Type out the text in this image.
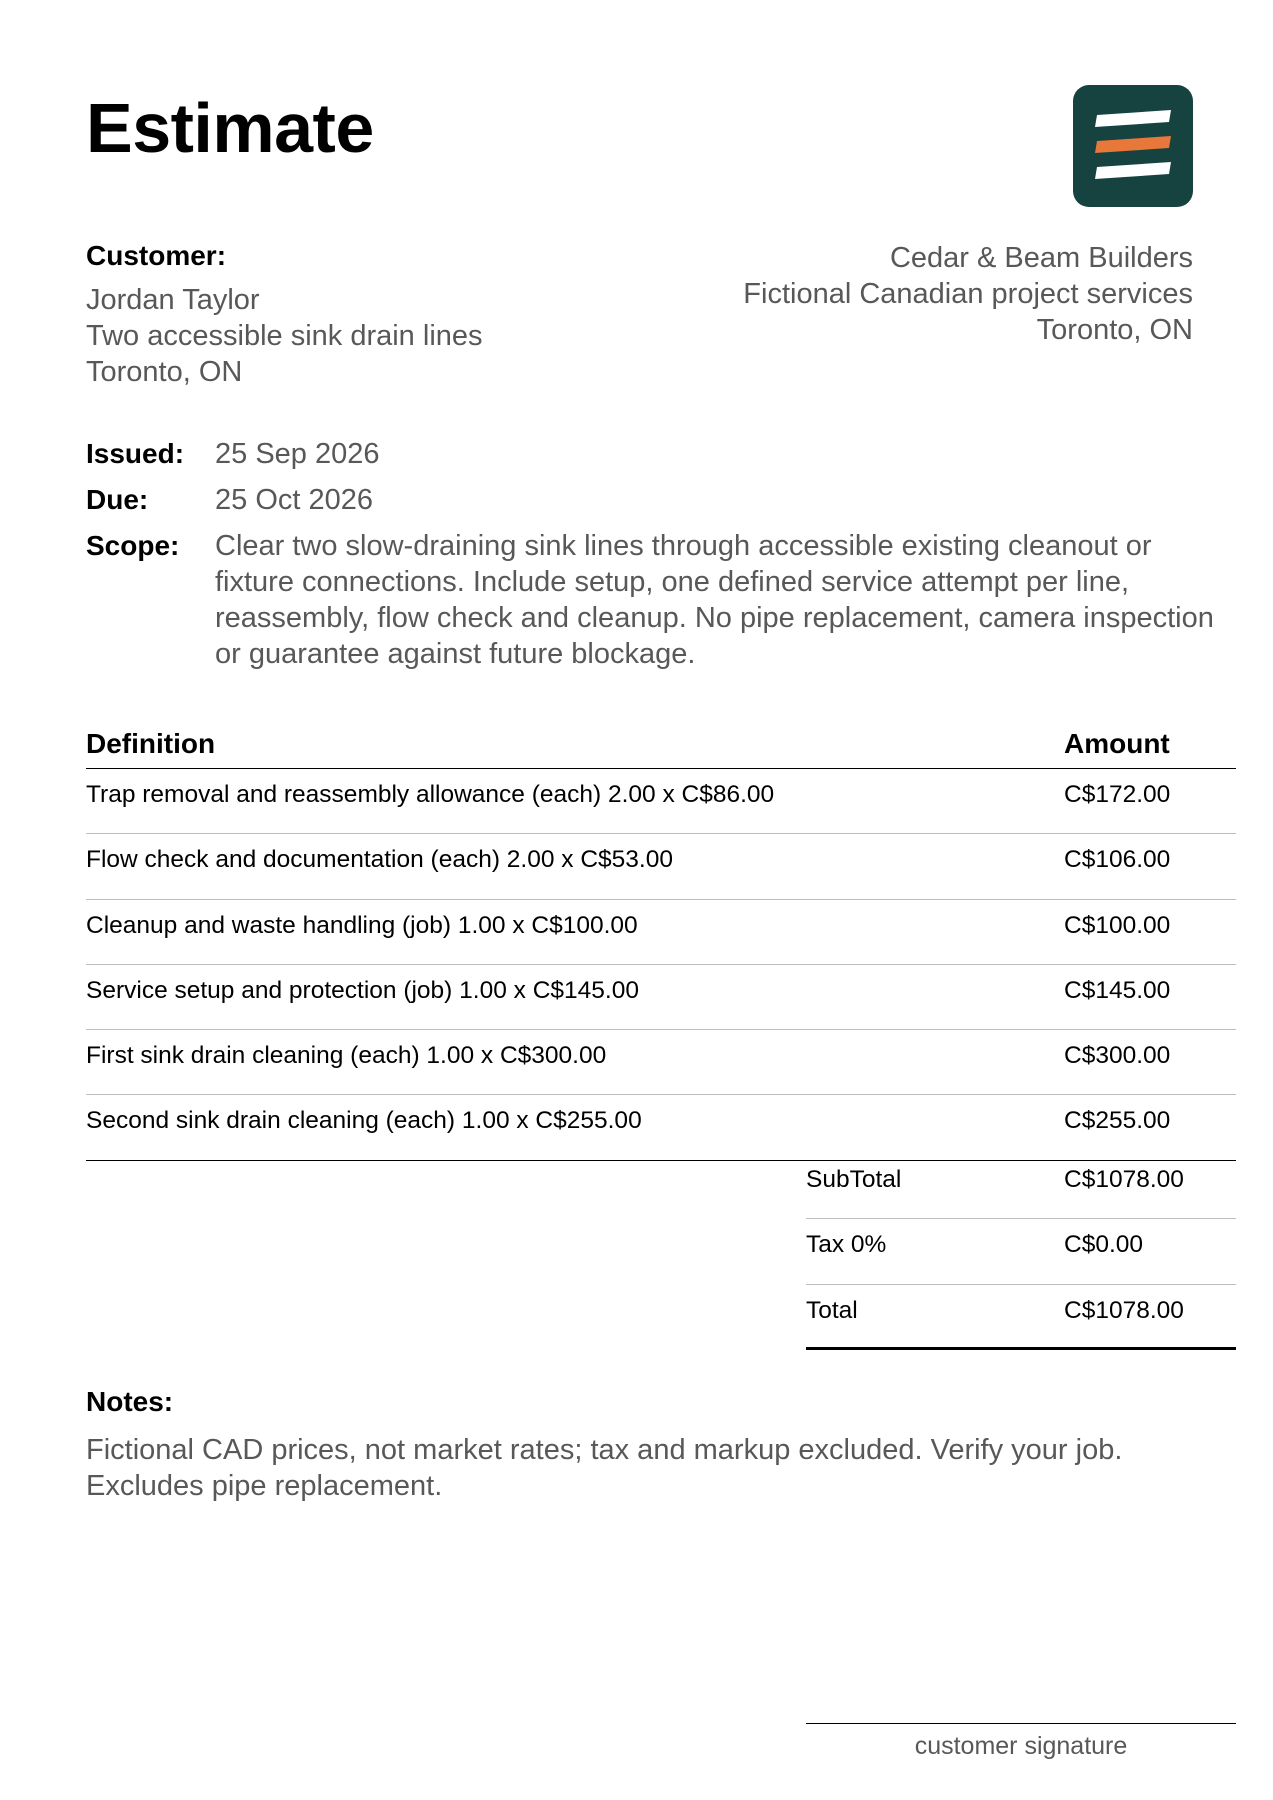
Estimate
Customer:
Jordan Taylor
Two accessible sink drain lines
Toronto, ON
Cedar & Beam Builders
Fictional Canadian project services
Toronto, ON
Issued:	25 Sep 2026
Due:	25 Oct 2026
Scope:	Clear two slow-draining sink lines through accessible existing cleanout or fixture connections. Include setup, one defined service attempt per line, reassembly, flow check and cleanup. No pipe replacement, camera inspection or guarantee against future blockage.
Definition	Amount
Trap removal and reassembly allowance (each) 2.00 x C$86.00	C$172.00
Flow check and documentation (each) 2.00 x C$53.00	C$106.00
Cleanup and waste handling (job) 1.00 x C$100.00	C$100.00
Service setup and protection (job) 1.00 x C$145.00	C$145.00
First sink drain cleaning (each) 1.00 x C$300.00	C$300.00
Second sink drain cleaning (each) 1.00 x C$255.00	C$255.00
SubTotal	C$1078.00
Tax 0%	C$0.00
Total	C$1078.00
Notes:
Fictional CAD prices, not market rates; tax and markup excluded. Verify your job. Excludes pipe replacement.
customer signature
